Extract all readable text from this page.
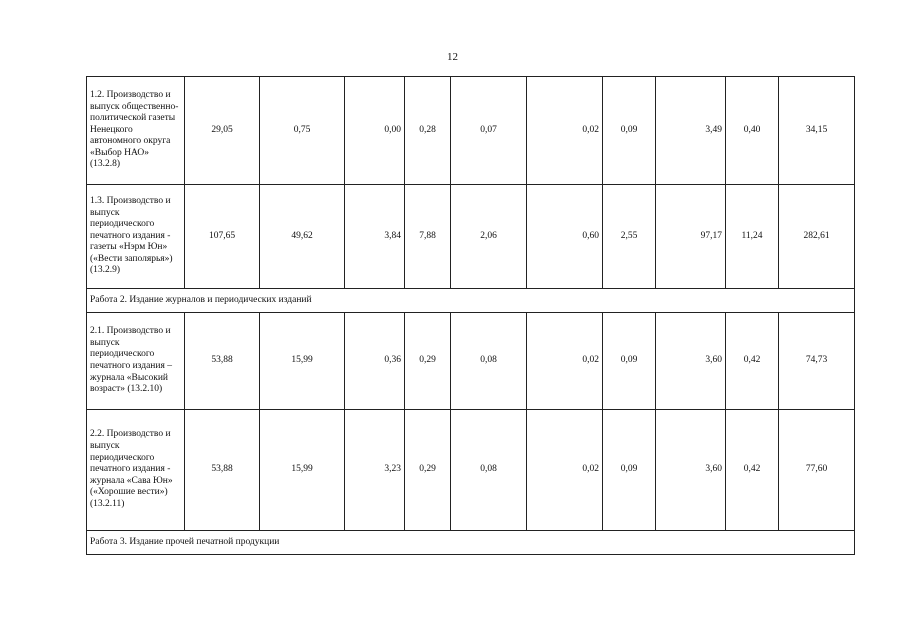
12
1.2. Производство и выпуск общественно-политической газеты Ненецкого автономного округа «Выбор НАО» (13.2.8)	29,05	0,75	0,00	0,28	0,07	0,02	0,09	3,49	0,40	34,15
1.3. Производство и выпуск периодического печатного издания - газеты «Нэрм Юн» («Вести заполярья») (13.2.9)	107,65	49,62	3,84	7,88	2,06	0,60	2,55	97,17	11,24	282,61
Работа 2. Издание журналов и периодических изданий										
2.1. Производство и выпуск периодического печатного издания – журнала «Высокий возраст» (13.2.10)	53,88	15,99	0,36	0,29	0,08	0,02	0,09	3,60	0,42	74,73
2.2. Производство и выпуск периодического печатного издания - журнала «Сава Юн» («Хорошие вести») (13.2.11)	53,88	15,99	3,23	0,29	0,08	0,02	0,09	3,60	0,42	77,60
Работа 3. Издание прочей печатной продукции										
